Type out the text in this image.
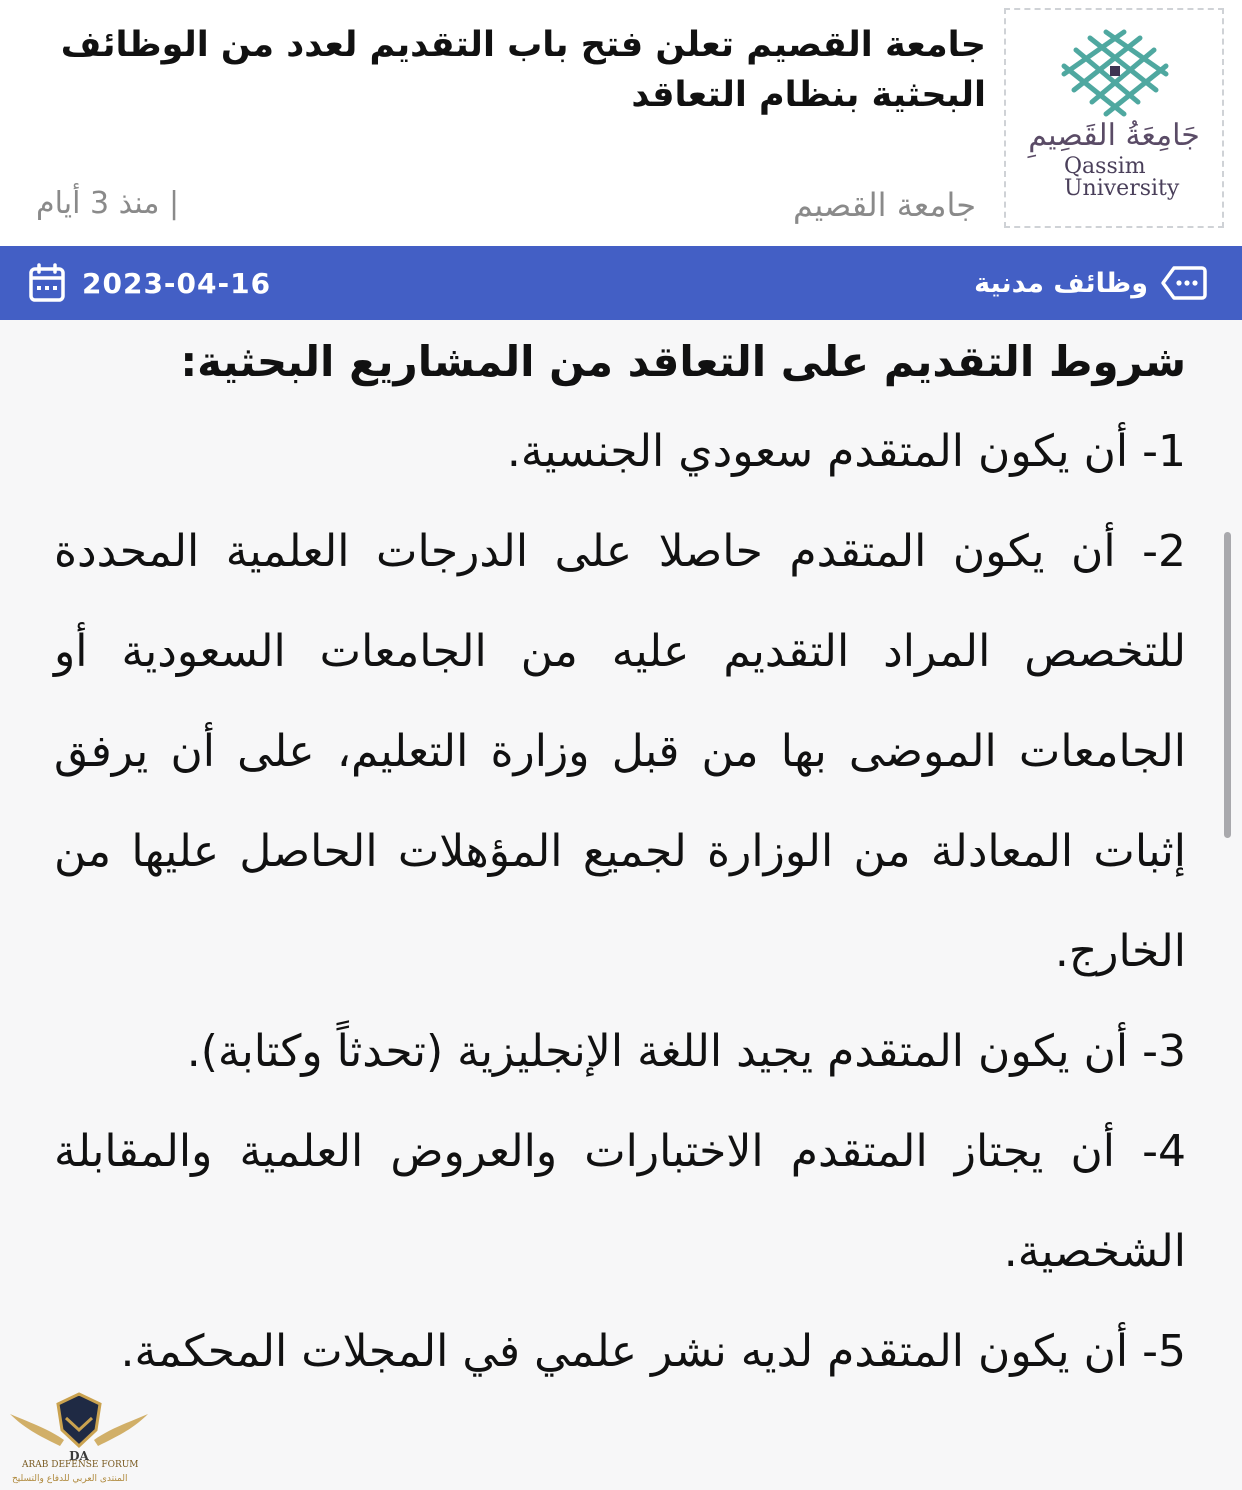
جَامِعَةُ القَصِيمِ
Qassim
University
جامعة القصيم تعلن فتح باب التقديم لعدد من الوظائف البحثية بنظام التعاقد
جامعة القصيم
| منذ 3 أيام
وظائف مدنية
2023-04-16
شروط التقديم على التعاقد من المشاريع البحثية:

1- أن يكون المتقدم سعودي الجنسية.

2- أن يكون المتقدم حاصلا على الدرجات العلمية المحددة للتخصص المراد التقديم عليه من الجامعات السعودية أو الجامعات الموضى بها من قبل وزارة التعليم، على أن يرفق إثبات المعادلة من الوزارة لجميع المؤهلات الحاصل عليها من الخارج.

3- أن يكون المتقدم يجيد اللغة الإنجليزية (تحدثاً وكتابة).

4- أن يجتاز المتقدم الاختبارات والعروض العلمية والمقابلة الشخصية.

5- أن يكون المتقدم لديه نشر علمي في المجلات المحكمة.

DA
ARAB DEFENSE FORUM
المنتدى العربي للدفاع والتسليح
